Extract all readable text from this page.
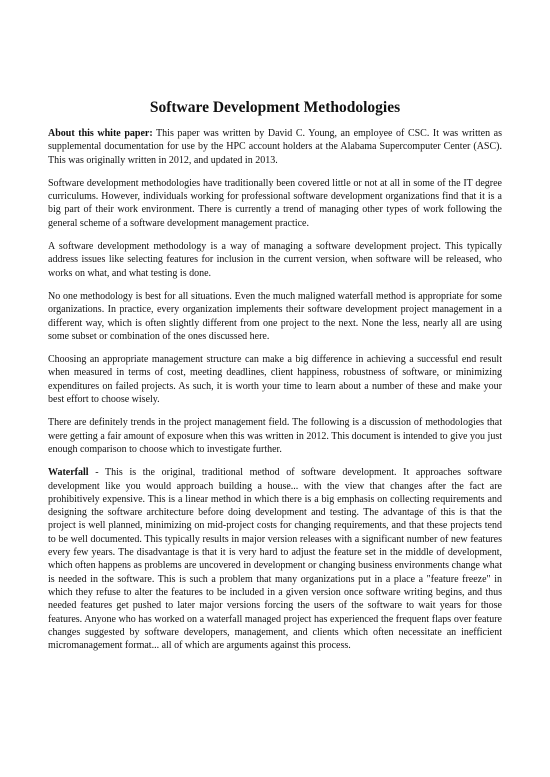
Software Development Methodologies

About this white paper: This paper was written by David C. Young, an employee of CSC. It was written as supplemental documentation for use by the HPC account holders at the Alabama Supercomputer Center (ASC). This was originally written in 2012, and updated in 2013.

Software development methodologies have traditionally been covered little or not at all in some of the IT degree curriculums. However, individuals working for professional software development organizations find that it is a big part of their work environment. There is currently a trend of managing other types of work following the general scheme of a software development management practice.

A software development methodology is a way of managing a software development project. This typically address issues like selecting features for inclusion in the current version, when software will be released, who works on what, and what testing is done.

No one methodology is best for all situations. Even the much maligned waterfall method is appropriate for some organizations. In practice, every organization implements their software development project management in a different way, which is often slightly different from one project to the next. None the less, nearly all are using some subset or combination of the ones discussed here.

Choosing an appropriate management structure can make a big difference in achieving a successful end result when measured in terms of cost, meeting deadlines, client happiness, robustness of software, or minimizing expenditures on failed projects. As such, it is worth your time to learn about a number of these and make your best effort to choose wisely.

There are definitely trends in the project management field. The following is a discussion of methodologies that were getting a fair amount of exposure when this was written in 2012. This document is intended to give you just enough comparison to choose which to investigate further.

Waterfall - This is the original, traditional method of software development. It approaches software development like you would approach building a house... with the view that changes after the fact are prohibitively expensive. This is a linear method in which there is a big emphasis on collecting requirements and designing the software architecture before doing development and testing. The advantage of this is that the project is well planned, minimizing on mid-project costs for changing requirements, and that these projects tend to be well documented. This typically results in major version releases with a significant number of new features every few years. The disadvantage is that it is very hard to adjust the feature set in the middle of development, which often happens as problems are uncovered in development or changing business environments change what is needed in the software. This is such a problem that many organizations put in a place a "feature freeze" in which they refuse to alter the features to be included in a given version once software writing begins, and thus needed features get pushed to later major versions forcing the users of the software to wait years for those features. Anyone who has worked on a waterfall managed project has experienced the frequent flaps over feature changes suggested by software developers, management, and clients which often necessitate an inefficient micromanagement format... all of which are arguments against this process.
